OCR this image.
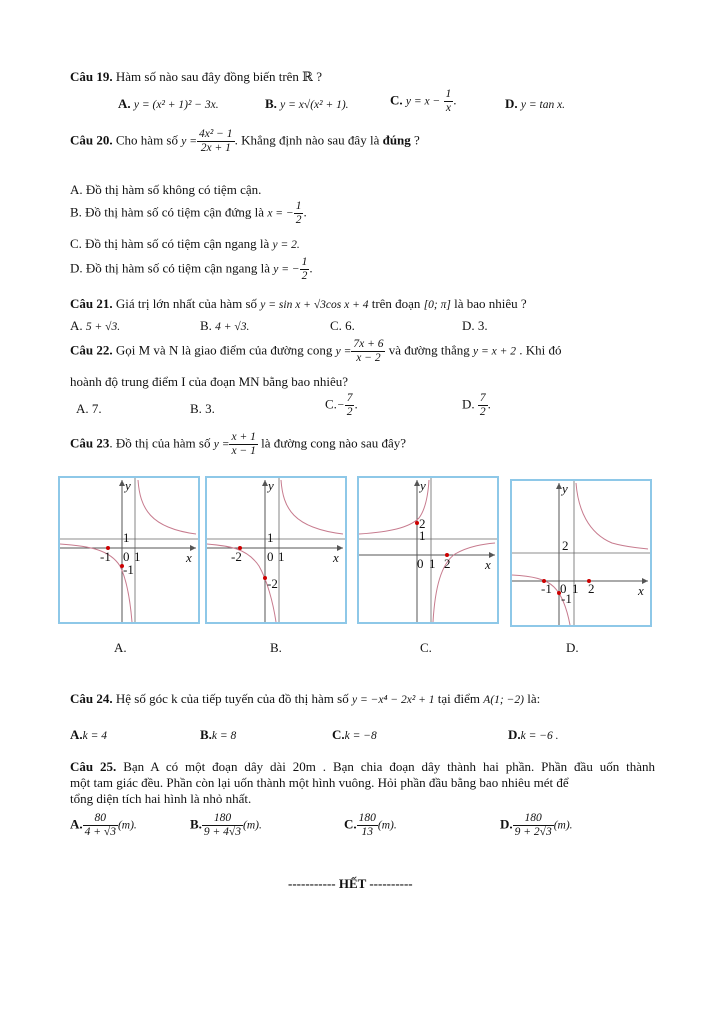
Câu 19. Hàm số nào sau đây đồng biến trên ℝ ?
A. y = (x² + 1)² − 3x.	B. y = x√(x² + 1).	C. $y = x - \frac{1}{x}$ .	D. y = tan x.
Câu 20. Cho hàm số $y = \frac{\text{4x² − 1}}{2x + 1}$ . Khẳng định nào sau đây là đúng ?
A. Đồ thị hàm số không có tiệm cận.
B. Đồ thị hàm số có tiệm cận đứng là x = − $\frac{1}{2}$ .
C. Đồ thị hàm số có tiệm cận ngang là y = 2.
D. Đồ thị hàm số có tiệm cận ngang là y = − $\frac{1}{2}$ .
Câu 21. Giá trị lớn nhất của hàm số y = sin x + √3cos x + 4 trên đoạn [0; π] là bao nhiêu ?
A. 5 + √3.	B. 4 + √3.	C. 6.	D. 3.
Câu 22. Gọi M và N là giao điểm của đường cong $y = \frac{7x + 6}{x - 2}$ và đường thẳng y = x + 2 . Khi đó
hoành độ trung điểm I của đoạn MN bằng bao nhiêu?
A. 7.	B. 3.	$C.- \frac{7}{2}$ .	D. $\frac{7}{2}$ .
Câu 23. Đồ thị của hàm số $y = \frac{x + 1}{x - 1}$ là đường cong nào sau đây?
y
1
-1
0 1
-1	x
y
1
-2
0 1
-2	x
y
2
1
0 1 2	x
y
2
-1 0 1 2
-1
x
A.	B.	C.	D.
Câu 24. Hệ số góc k của tiếp tuyến của đồ thị hàm số y = −x⁴ − 2x² + 1 tại điểm A(1; −2) là:
A.k = 4	B.k = 8	C.k = −8	D.k = −6 .
Câu 25. Bạn A có một đoạn dây dài 20m . Bạn chia đoạn dây thành hai phần. Phần đầu uốn thành
một tam giác đều. Phần còn lại uốn thành một hình vuông. Hỏi phần đầu bằng bao nhiêu mét để
tổng diện tích hai hình là nhỏ nhất.
A. $\frac{80}{4 + √3} (m)$.	B. $\frac{180}{9 + 4√3} (m)$.	C. $\frac{180}{13} (m)$.	D. $\frac{180}{9 + 2√3} (m)$.
----------- HẾT ----------
